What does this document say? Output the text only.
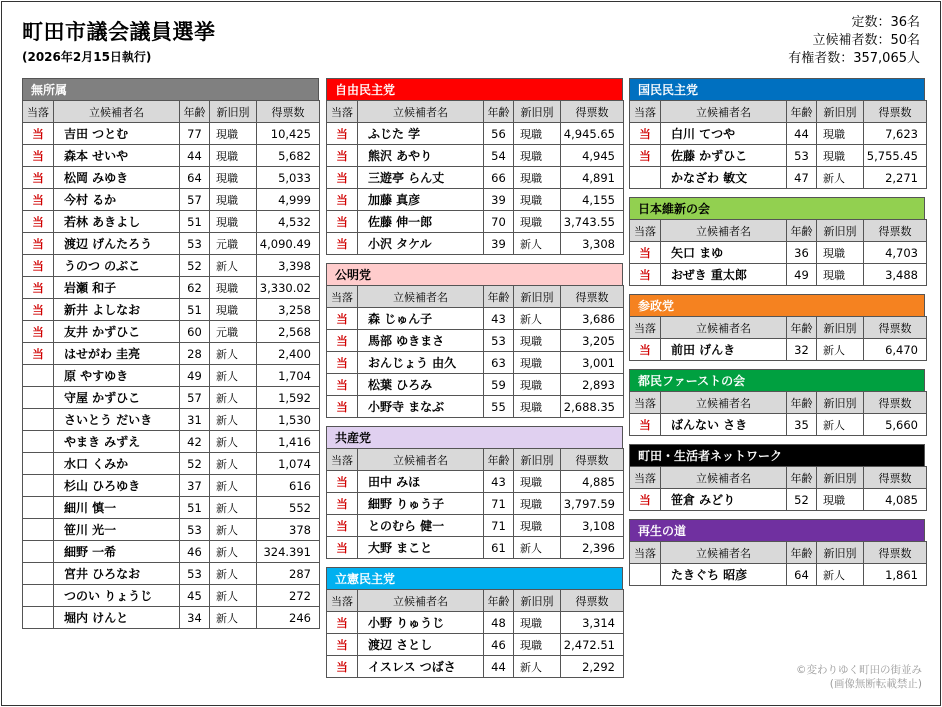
町田市議会議員選挙
(2026年2月15日執行)
定数：36名
立候補者数：50名
有権者数：357,065人
無所属
当落	立候補者名	年齢	新旧別	得票数
当	吉田 つとむ	77	現職	10,425
当	森本 せいや	44	現職	5,682
当	松岡 みゆき	64	現職	5,033
当	今村 るか	57	現職	4,999
当	若林 あきよし	51	現職	4,532
当	渡辺 げんたろう	53	元職	4,090.49
当	うのつ のぶこ	52	新人	3,398
当	岩瀬 和子	62	現職	3,330.02
当	新井 よしなお	51	現職	3,258
当	友井 かずひこ	60	元職	2,568
当	はせがわ 圭亮	28	新人	2,400
	原 やすゆき	49	新人	1,704
	守屋 かずひこ	57	新人	1,592
	さいとう だいき	31	新人	1,530
	やまき みずえ	42	新人	1,416
	水口 くみか	52	新人	1,074
	杉山 ひろゆき	37	新人	616
	細川 慎一	51	新人	552
	笹川 光一	53	新人	378
	細野 一希	46	新人	324.391
	宮井 ひろなお	53	新人	287
	つのい りょうじ	45	新人	272
	堀内 けんと	34	新人	246
自由民主党
当落	立候補者名	年齢	新旧別	得票数
当	ふじた 学	56	現職	4,945.65
当	熊沢 あやり	54	現職	4,945
当	三遊亭 らん丈	66	現職	4,891
当	加藤 真彦	39	現職	4,155
当	佐藤 伸一郎	70	現職	3,743.55
当	小沢 タケル	39	新人	3,308
公明党
当落	立候補者名	年齢	新旧別	得票数
当	森 じゅん子	43	新人	3,686
当	馬部 ゆきまさ	53	現職	3,205
当	おんじょう 由久	63	現職	3,001
当	松葉 ひろみ	59	現職	2,893
当	小野寺 まなぶ	55	現職	2,688.35
共産党
当落	立候補者名	年齢	新旧別	得票数
当	田中 みほ	43	現職	4,885
当	細野 りゅう子	71	現職	3,797.59
当	とのむら 健一	71	現職	3,108
当	大野 まこと	61	新人	2,396
立憲民主党
当落	立候補者名	年齢	新旧別	得票数
当	小野 りゅうじ	48	現職	3,314
当	渡辺 さとし	46	現職	2,472.51
当	イスレス つばさ	44	新人	2,292
国民民主党
当落	立候補者名	年齢	新旧別	得票数
当	白川 てつや	44	現職	7,623
当	佐藤 かずひこ	53	現職	5,755.45
	かなざわ 敏文	47	新人	2,271
日本維新の会
当落	立候補者名	年齢	新旧別	得票数
当	矢口 まゆ	36	現職	4,703
当	おぜき 重太郎	49	現職	3,488
参政党
当落	立候補者名	年齢	新旧別	得票数
当	前田 げんき	32	新人	6,470
都民ファーストの会
当落	立候補者名	年齢	新旧別	得票数
当	ばんない さき	35	新人	5,660
町田・生活者ネットワーク
当落	立候補者名	年齢	新旧別	得票数
当	笹倉 みどり	52	現職	4,085
再生の道
当落	立候補者名	年齢	新旧別	得票数
	たきぐち 昭彦	64	新人	1,861
©変わりゆく町田の街並み
(画像無断転載禁止)
